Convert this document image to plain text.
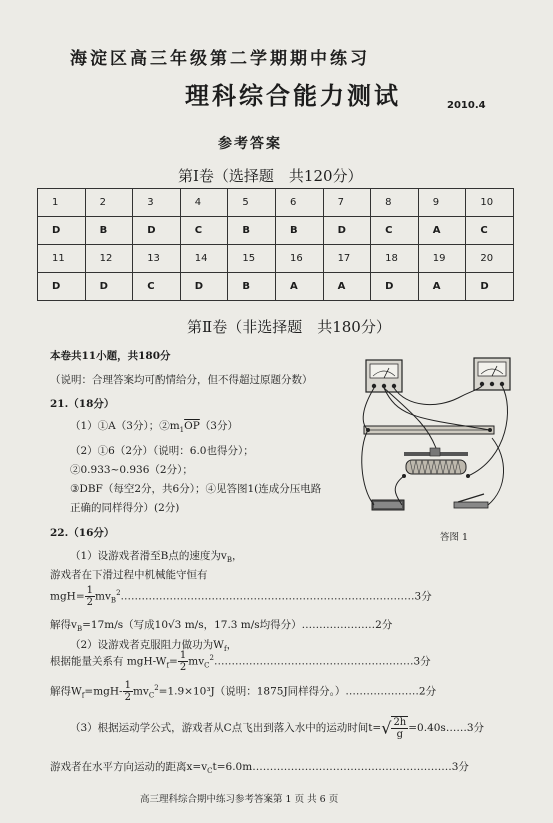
海淀区高三年级第二学期期中练习
理科综合能力测试	2010.4
参考答案
第Ⅰ卷（选择题　共120分）
1	2	3	4	5	6	7	8	9	10
D	B	D	C	B	B	D	C	A	C
11	12	13	14	15	16	17	18	19	20
D	D	C	D	B	A	A	D	A	D
第Ⅱ卷（非选择题　共180分）
本卷共11小题，共180分
（说明：合理答案均可酌情给分，但不得超过原题分数）
21.（18分）
（1）①A（3分）；$②m_1\overline{OP}(3$分）
（2）①6（2分）（说明：6.0也得分）；
②0.933~0.936（2分）；
③DBF（每空2分，共6分）；④见答图1(连成分压电路
正确的同样得分）(2分)
答图 1
22.（16分）
（1）设游戏者滑至B点的速度为$v_B$，
游戏者在下滑过程中机械能守恒有
$mgH= \frac{1}{2}$ $mv_B^2\dots\dots\dots\dots\dots\dots\dots\dots\dots\dots\dots\dots\dots\dots\dots\dots\dots\dots\dots\dots\dots\dots\dots\dots\dots\dots\dots\dots 3$分
解得$v_B=17m/s$（写成10√3 m/s，17.3 m/s均得分）…………………2分
（2）设游戏者克服阻力做功为$W_f$，
根据能量关系有 mgH-$W_f= \frac{1}{2}$ $mv_C^2\dots\dots\dots\dots\dots\dots\dots\dots\dots\dots\dots\dots\dots\dots\dots\dots\dots\dots\dots 3$分
解得$W_f=mgH- \frac{1}{2} mv_C^2=1.9\times 10^3J$（说明：1875J同样得分。）…………………2分
（3）根据运动学公式，游戏者从C点飞出到落入水中的运动时间$t=√ \frac{2h}{g}$ =0.40s……3分
游戏者在水平方向运动的距离$x=v_Ct=6.0m\dots\dots\dots\dots\dots\dots\dots\dots\dots\dots\dots\dots\dots\dots\dots\dots\dots\dots\dots 3$分
高三理科综合期中练习参考答案第 1 页 共 6 页
